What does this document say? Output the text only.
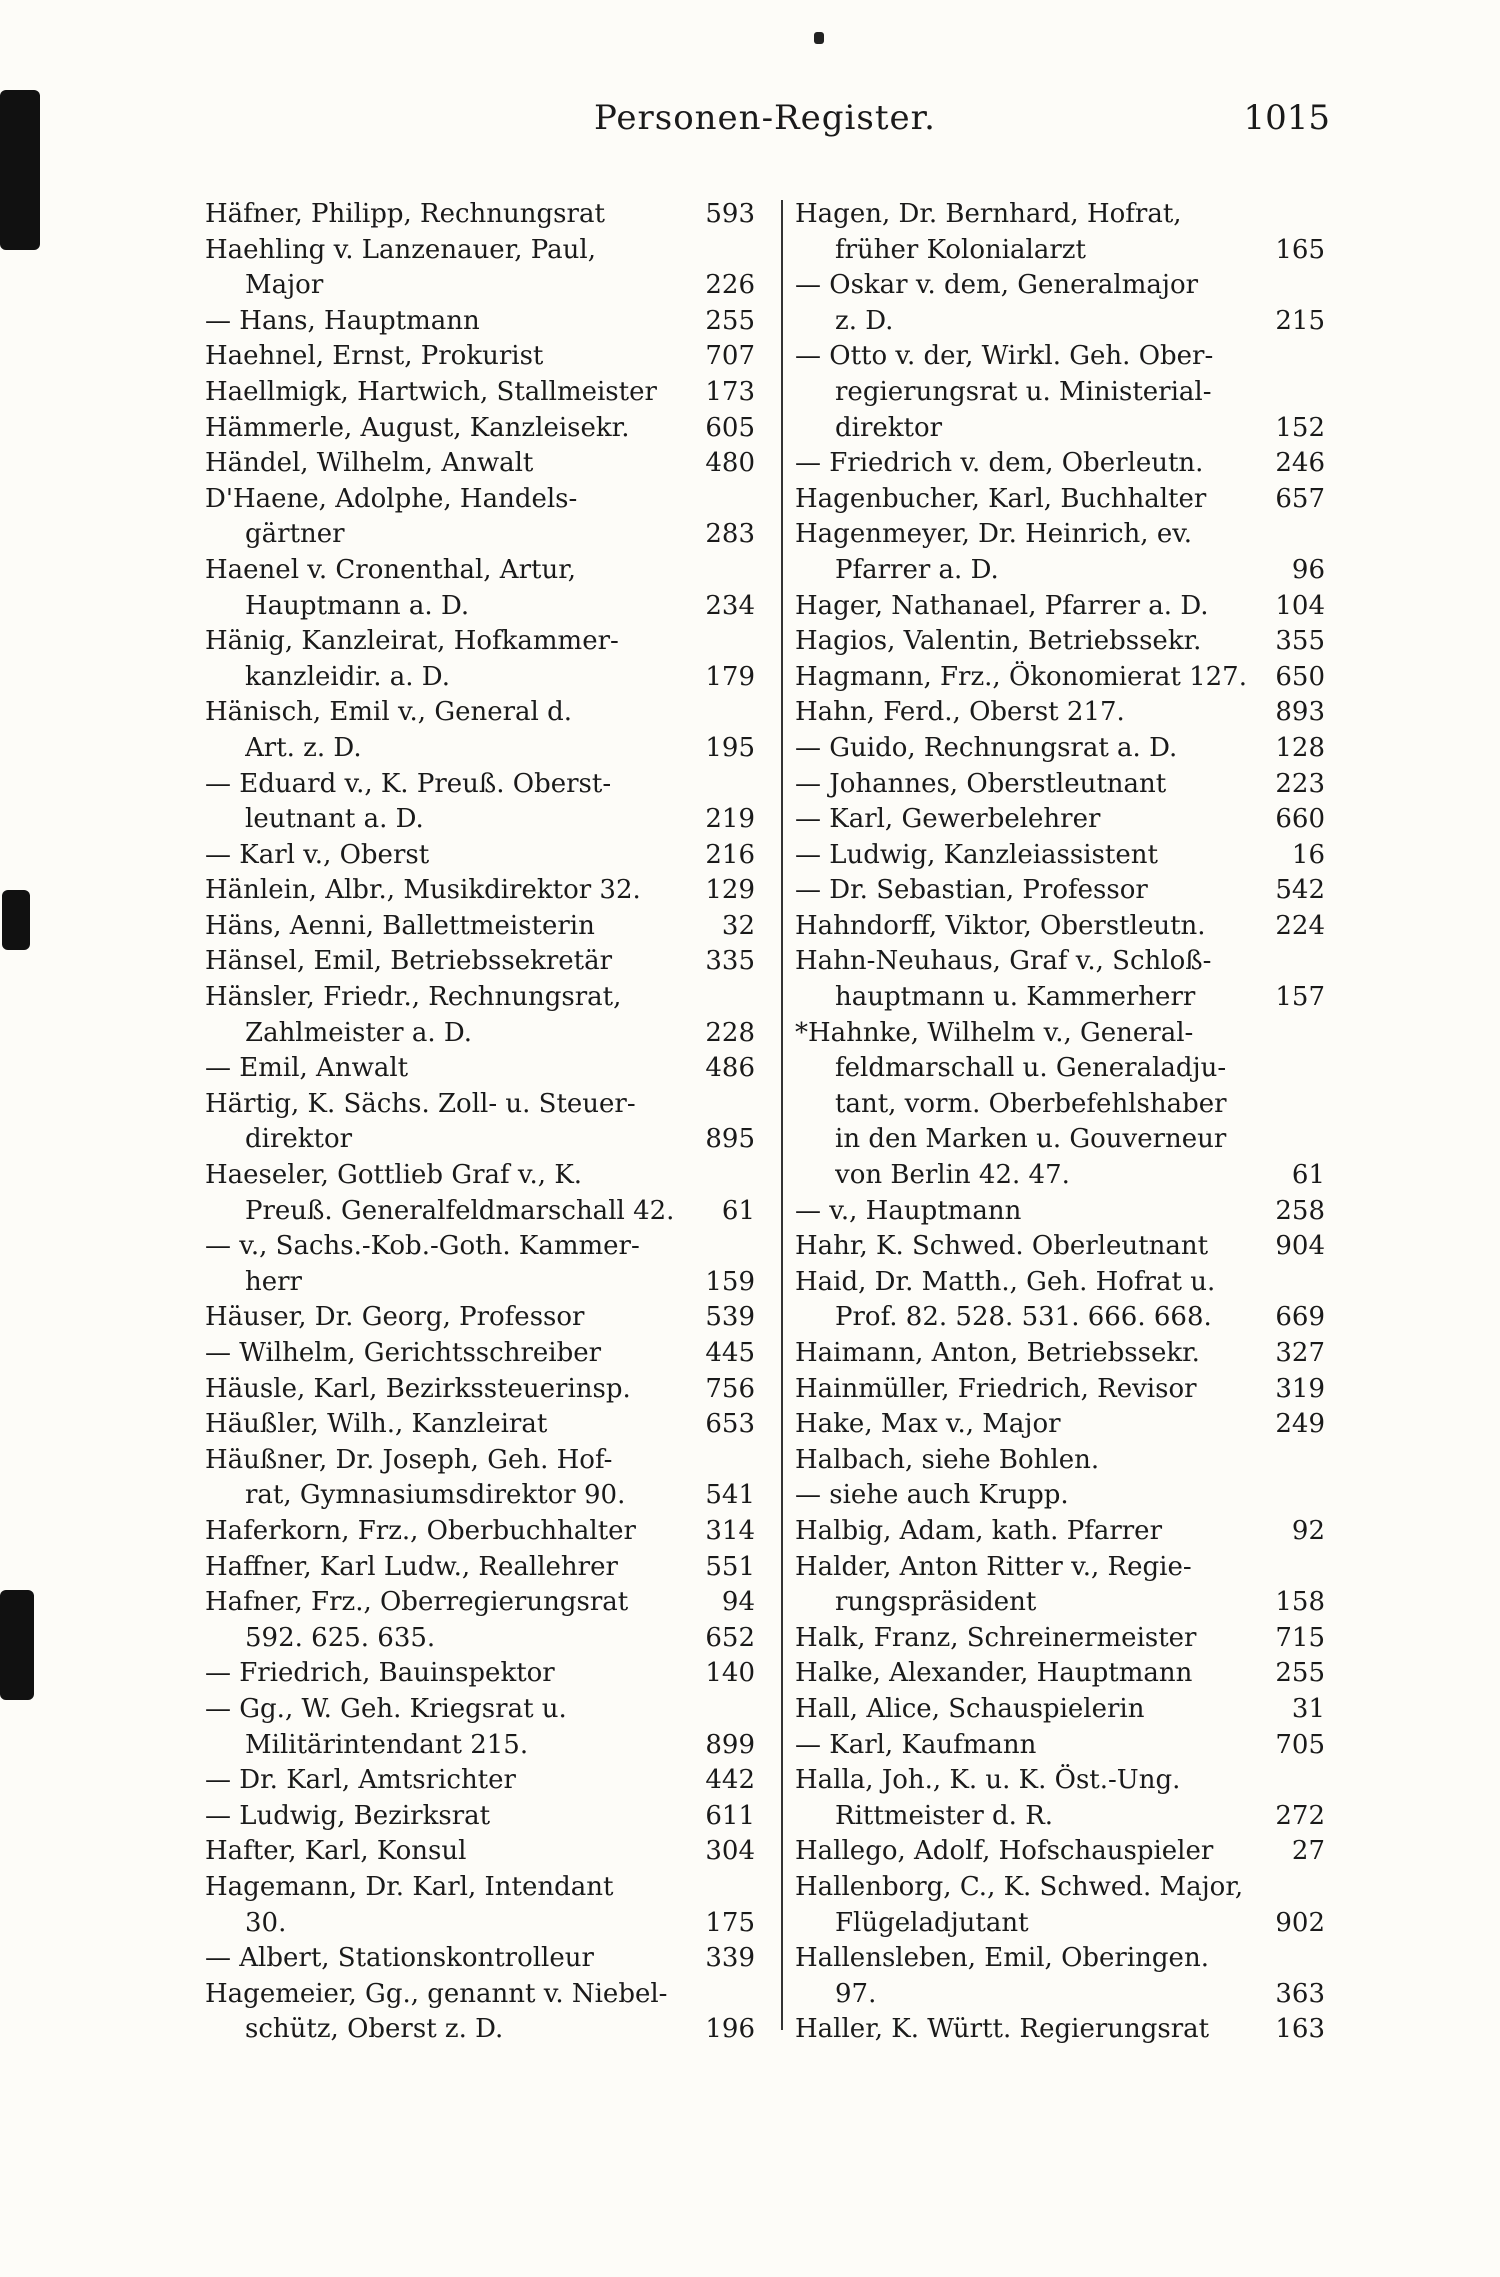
Personen-Register.	1015
Häfner, Philipp, Rechnungsrat	593
Haehling v. Lanzenauer, Paul,
Major	226
— Hans, Hauptmann	255
Haehnel, Ernst, Prokurist	707
Haellmigk, Hartwich, Stallmeister	173
Hämmerle, August, Kanzleisekr.	605
Händel, Wilhelm, Anwalt	480
D'Haene, Adolphe, Handels-
gärtner	283
Haenel v. Cronenthal, Artur,
Hauptmann a. D.	234
Hänig, Kanzleirat, Hofkammer-
kanzleidir. a. D.	179
Hänisch, Emil v., General d.
Art. z. D.	195
— Eduard v., K. Preuß. Oberst-
leutnant a. D.	219
— Karl v., Oberst	216
Hänlein, Albr., Musikdirektor 32.	129
Häns, Aenni, Ballettmeisterin	32
Hänsel, Emil, Betriebssekretär	335
Hänsler, Friedr., Rechnungsrat,
Zahlmeister a. D.	228
— Emil, Anwalt	486
Härtig, K. Sächs. Zoll- u. Steuer-
direktor	895
Haeseler, Gottlieb Graf v., K.
Preuß. Generalfeldmarschall 42.	61
— v., Sachs.-Kob.-Goth. Kammer-
herr	159
Häuser, Dr. Georg, Professor	539
— Wilhelm, Gerichtsschreiber	445
Häusle, Karl, Bezirkssteuerinsp.	756
Häußler, Wilh., Kanzleirat	653
Häußner, Dr. Joseph, Geh. Hof-
rat, Gymnasiumsdirektor 90.	541
Haferkorn, Frz., Oberbuchhalter	314
Haffner, Karl Ludw., Reallehrer	551
Hafner, Frz., Oberregierungsrat	94
592. 625. 635.	652
— Friedrich, Bauinspektor	140
— Gg., W. Geh. Kriegsrat u.
Militärintendant 215.	899
— Dr. Karl, Amtsrichter	442
— Ludwig, Bezirksrat	611
Hafter, Karl, Konsul	304
Hagemann, Dr. Karl, Intendant
30.	175
— Albert, Stationskontrolleur	339
Hagemeier, Gg., genannt v. Niebel-
schütz, Oberst z. D.	196
Hagen, Dr. Bernhard, Hofrat,
früher Kolonialarzt	165
— Oskar v. dem, Generalmajor
z. D.	215
— Otto v. der, Wirkl. Geh. Ober-
regierungsrat u. Ministerial-
direktor	152
— Friedrich v. dem, Oberleutn.	246
Hagenbucher, Karl, Buchhalter	657
Hagenmeyer, Dr. Heinrich, ev.
Pfarrer a. D.	96
Hager, Nathanael, Pfarrer a. D.	104
Hagios, Valentin, Betriebssekr.	355
Hagmann, Frz., Ökonomierat 127.	650
Hahn, Ferd., Oberst 217.	893
— Guido, Rechnungsrat a. D.	128
— Johannes, Oberstleutnant	223
— Karl, Gewerbelehrer	660
— Ludwig, Kanzleiassistent	16
— Dr. Sebastian, Professor	542
Hahndorff, Viktor, Oberstleutn.	224
Hahn-Neuhaus, Graf v., Schloß-
hauptmann u. Kammerherr	157
*Hahnke, Wilhelm v., General-
feldmarschall u. Generaladju-
tant, vorm. Oberbefehlshaber
in den Marken u. Gouverneur
von Berlin 42. 47.	61
— v., Hauptmann	258
Hahr, K. Schwed. Oberleutnant	904
Haid, Dr. Matth., Geh. Hofrat u.
Prof. 82. 528. 531. 666. 668.	669
Haimann, Anton, Betriebssekr.	327
Hainmüller, Friedrich, Revisor	319
Hake, Max v., Major	249
Halbach, siehe Bohlen.
— siehe auch Krupp.
Halbig, Adam, kath. Pfarrer	92
Halder, Anton Ritter v., Regie-
rungspräsident	158
Halk, Franz, Schreinermeister	715
Halke, Alexander, Hauptmann	255
Hall, Alice, Schauspielerin	31
— Karl, Kaufmann	705
Halla, Joh., K. u. K. Öst.-Ung.
Rittmeister d. R.	272
Hallego, Adolf, Hofschauspieler	27
Hallenborg, C., K. Schwed. Major,
Flügeladjutant	902
Hallensleben, Emil, Oberingen.
97.	363
Haller, K. Württ. Regierungsrat	163
